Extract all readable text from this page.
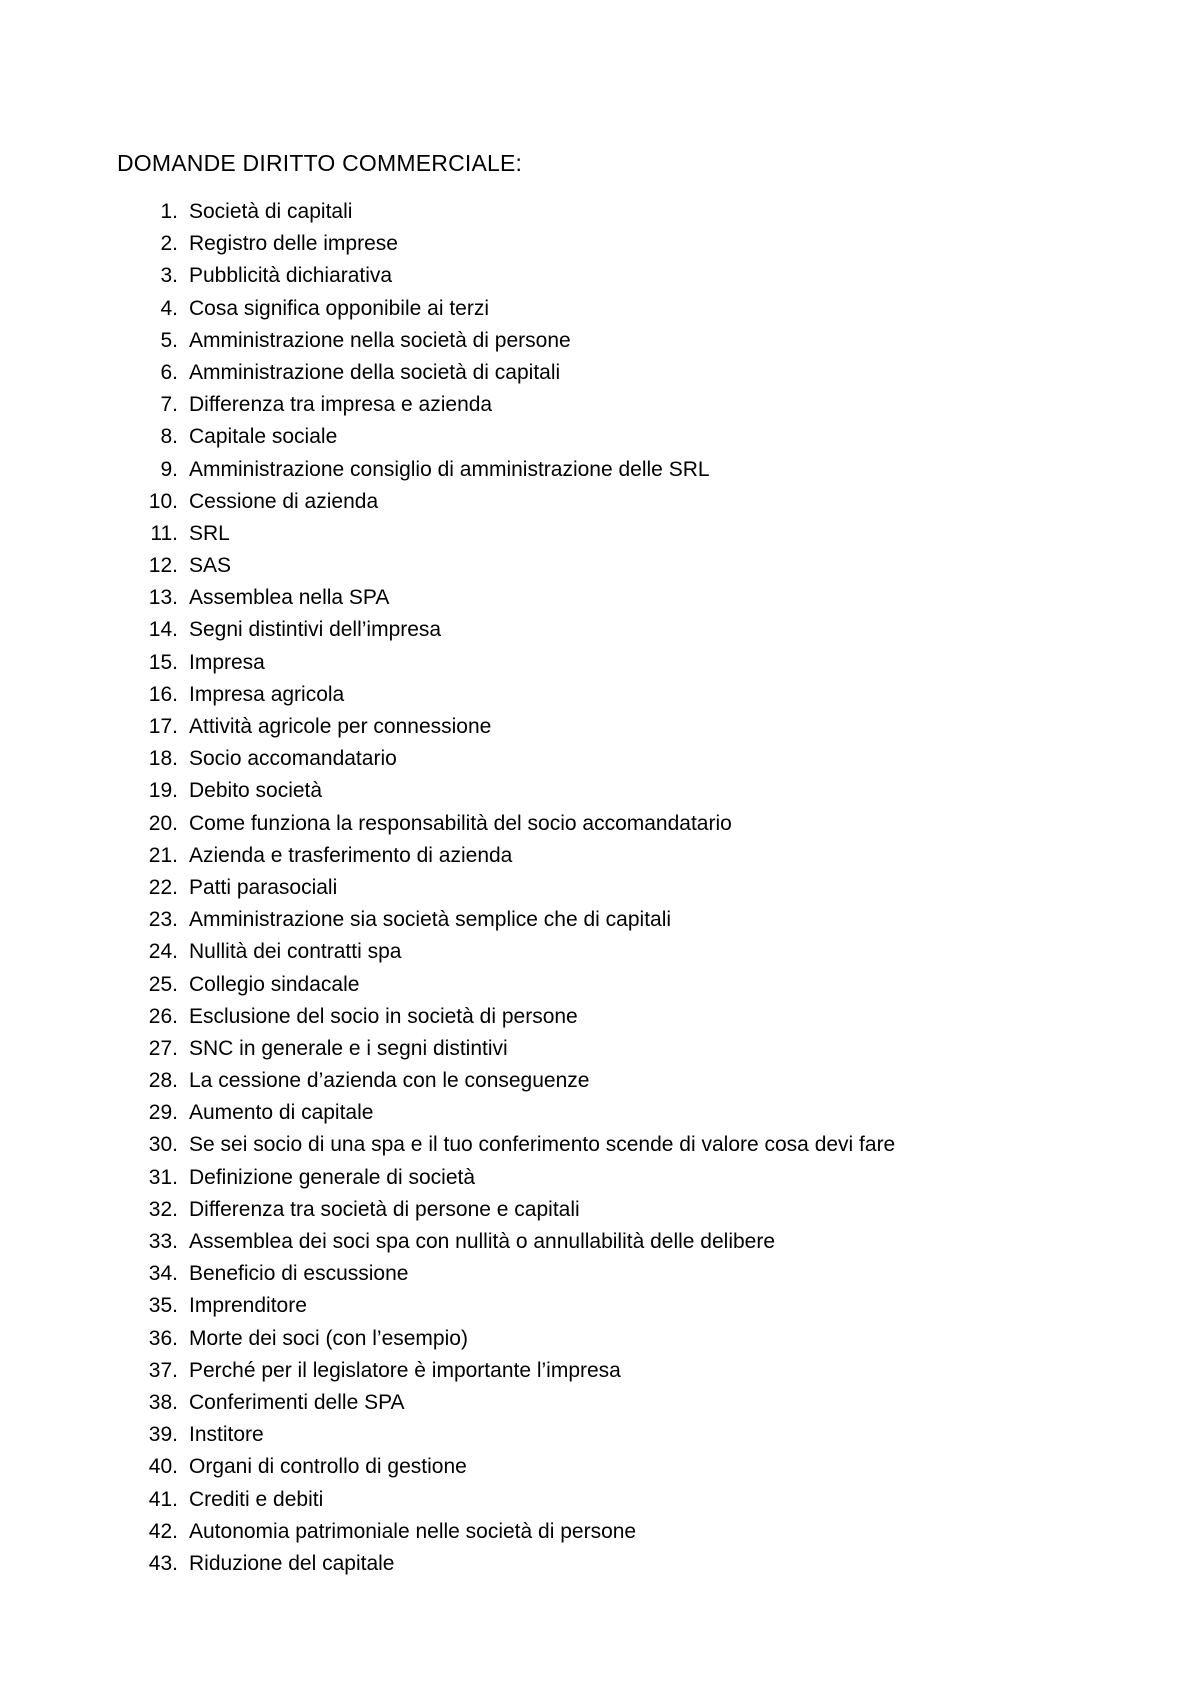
DOMANDE DIRITTO COMMERCIALE:
1. Società di capitali
2. Registro delle imprese
3. Pubblicità dichiarativa
4. Cosa significa opponibile ai terzi
5. Amministrazione nella società di persone
6. Amministrazione della società di capitali
7. Differenza tra impresa e azienda
8. Capitale sociale
9. Amministrazione consiglio di amministrazione delle SRL
10. Cessione di azienda
11. SRL
12. SAS
13. Assemblea nella SPA
14. Segni distintivi dell’impresa
15. Impresa
16. Impresa agricola
17. Attività agricole per connessione
18. Socio accomandatario
19. Debito società
20. Come funziona la responsabilità del socio accomandatario
21. Azienda e trasferimento di azienda
22. Patti parasociali
23. Amministrazione sia società semplice che di capitali
24. Nullità dei contratti spa
25. Collegio sindacale
26. Esclusione del socio in società di persone
27. SNC in generale e i segni distintivi
28. La cessione d’azienda con le conseguenze
29. Aumento di capitale
30. Se sei socio di una spa e il tuo conferimento scende di valore cosa devi fare
31. Definizione generale di società
32. Differenza tra società di persone e capitali
33. Assemblea dei soci spa con nullità o annullabilità delle delibere
34. Beneficio di escussione
35. Imprenditore
36. Morte dei soci (con l’esempio)
37. Perché per il legislatore è importante l’impresa
38. Conferimenti delle SPA
39. Institore
40. Organi di controllo di gestione
41. Crediti e debiti
42. Autonomia patrimoniale nelle società di persone
43. Riduzione del capitale
